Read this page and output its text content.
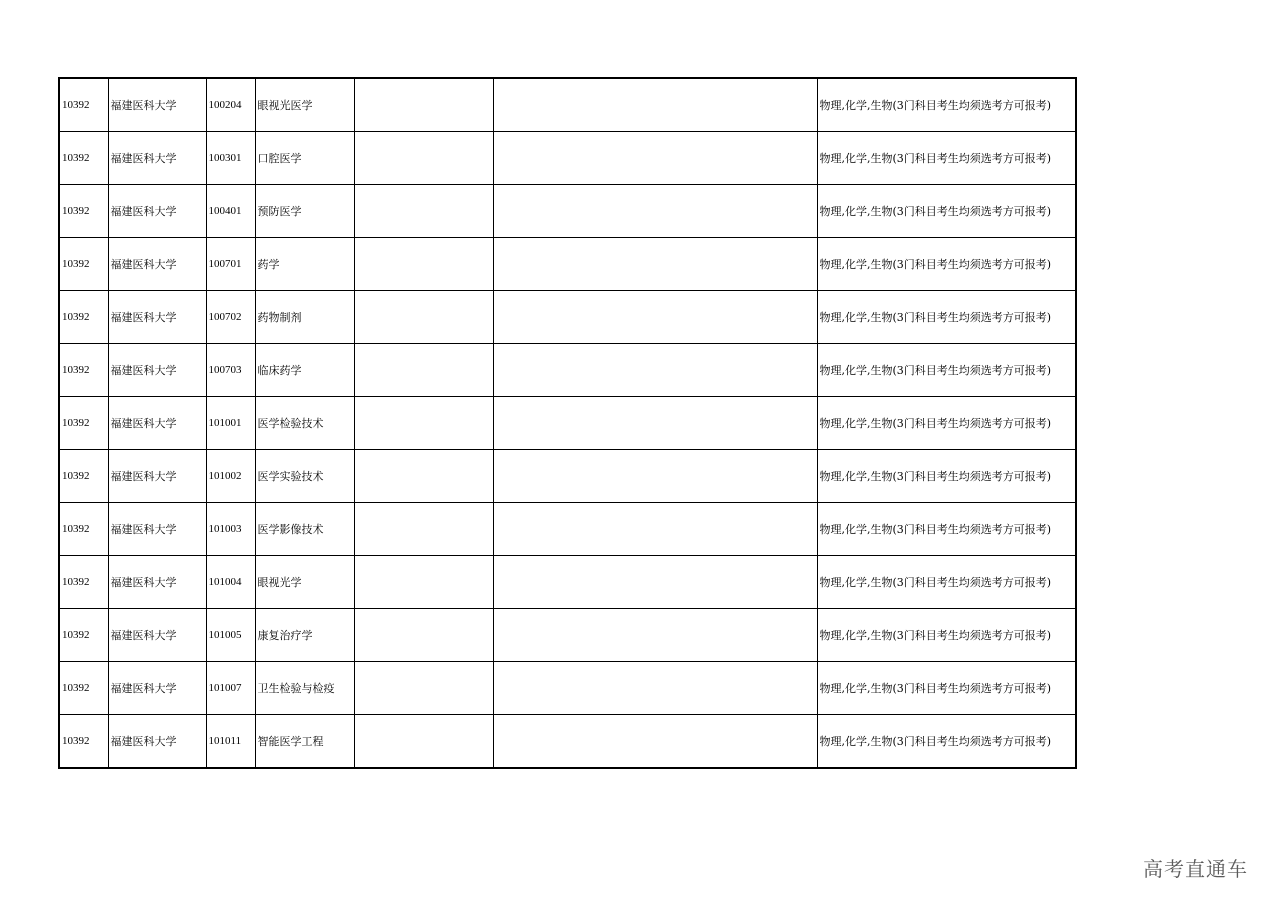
10392	福建医科大学	100204	眼视光医学			物理,化学,生物(3门科目考生均须选考方可报考)
10392	福建医科大学	100301	口腔医学			物理,化学,生物(3门科目考生均须选考方可报考)
10392	福建医科大学	100401	预防医学			物理,化学,生物(3门科目考生均须选考方可报考)
10392	福建医科大学	100701	药学			物理,化学,生物(3门科目考生均须选考方可报考)
10392	福建医科大学	100702	药物制剂			物理,化学,生物(3门科目考生均须选考方可报考)
10392	福建医科大学	100703	临床药学			物理,化学,生物(3门科目考生均须选考方可报考)
10392	福建医科大学	101001	医学检验技术			物理,化学,生物(3门科目考生均须选考方可报考)
10392	福建医科大学	101002	医学实验技术			物理,化学,生物(3门科目考生均须选考方可报考)
10392	福建医科大学	101003	医学影像技术			物理,化学,生物(3门科目考生均须选考方可报考)
10392	福建医科大学	101004	眼视光学			物理,化学,生物(3门科目考生均须选考方可报考)
10392	福建医科大学	101005	康复治疗学			物理,化学,生物(3门科目考生均须选考方可报考)
10392	福建医科大学	101007	卫生检验与检疫			物理,化学,生物(3门科目考生均须选考方可报考)
10392	福建医科大学	101011	智能医学工程			物理,化学,生物(3门科目考生均须选考方可报考)
高考直通车
